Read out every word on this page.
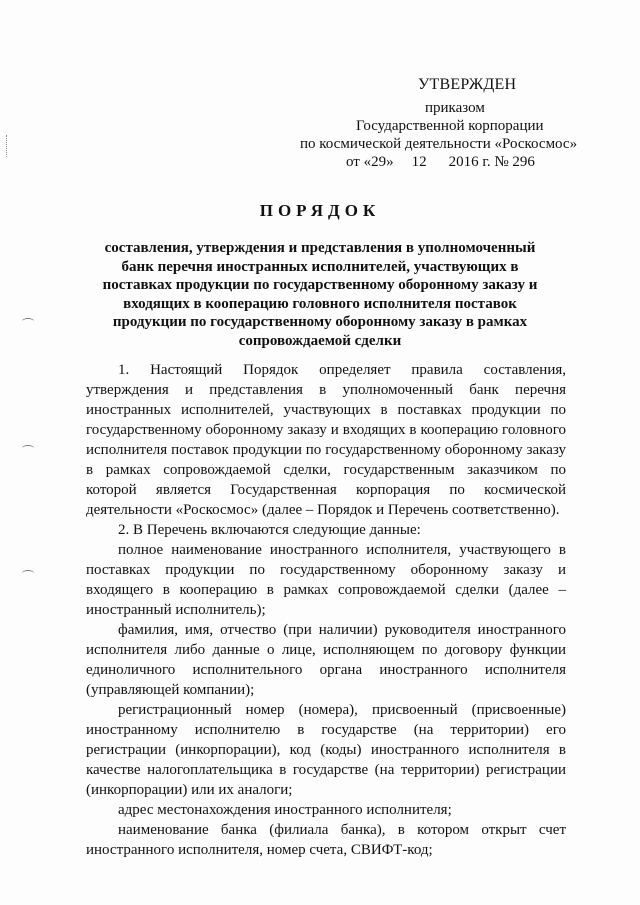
УТВЕРЖДЕН
приказом
Государственной корпорации
по космической деятельности «Роскосмос»
от «29» 12 2016 г. № 296
ПОРЯДОК
составления, утверждения и представления в уполномоченный банк перечня иностранных исполнителей, участвующих в поставках продукции по государственному оборонному заказу и входящих в кооперацию головного исполнителя поставок продукции по государственному оборонному заказу в рамках сопровождаемой сделки

1. Настоящий Порядок определяет правила составления, утверждения и представления в уполномоченный банк перечня иностранных исполнителей, участвующих в поставках продукции по государственному оборонному заказу и входящих в кооперацию головного исполнителя поставок продукции по государственному оборонному заказу в рамках сопровождаемой сделки, государственным заказчиком по которой является Государственная корпорация по космической деятельности «Роскосмос» (далее – Порядок и Перечень соответственно).

2. В Перечень включаются следующие данные:

полное наименование иностранного исполнителя, участвующего в поставках продукции по государственному оборонному заказу и входящего в кооперацию в рамках сопровождаемой сделки (далее – иностранный исполнитель);

фамилия, имя, отчество (при наличии) руководителя иностранного исполнителя либо данные о лице, исполняющем по договору функции единоличного исполнительного органа иностранного исполнителя (управляющей компании);

регистрационный номер (номера), присвоенный (присвоенные) иностранному исполнителю в государстве (на территории) его регистрации (инкорпорации), код (коды) иностранного исполнителя в качестве налогоплательщика в государстве (на территории) регистрации (инкорпорации) или их аналоги;

адрес местонахождения иностранного исполнителя;

наименование банка (филиала банка), в котором открыт счет иностранного исполнителя, номер счета, СВИФТ-код;
